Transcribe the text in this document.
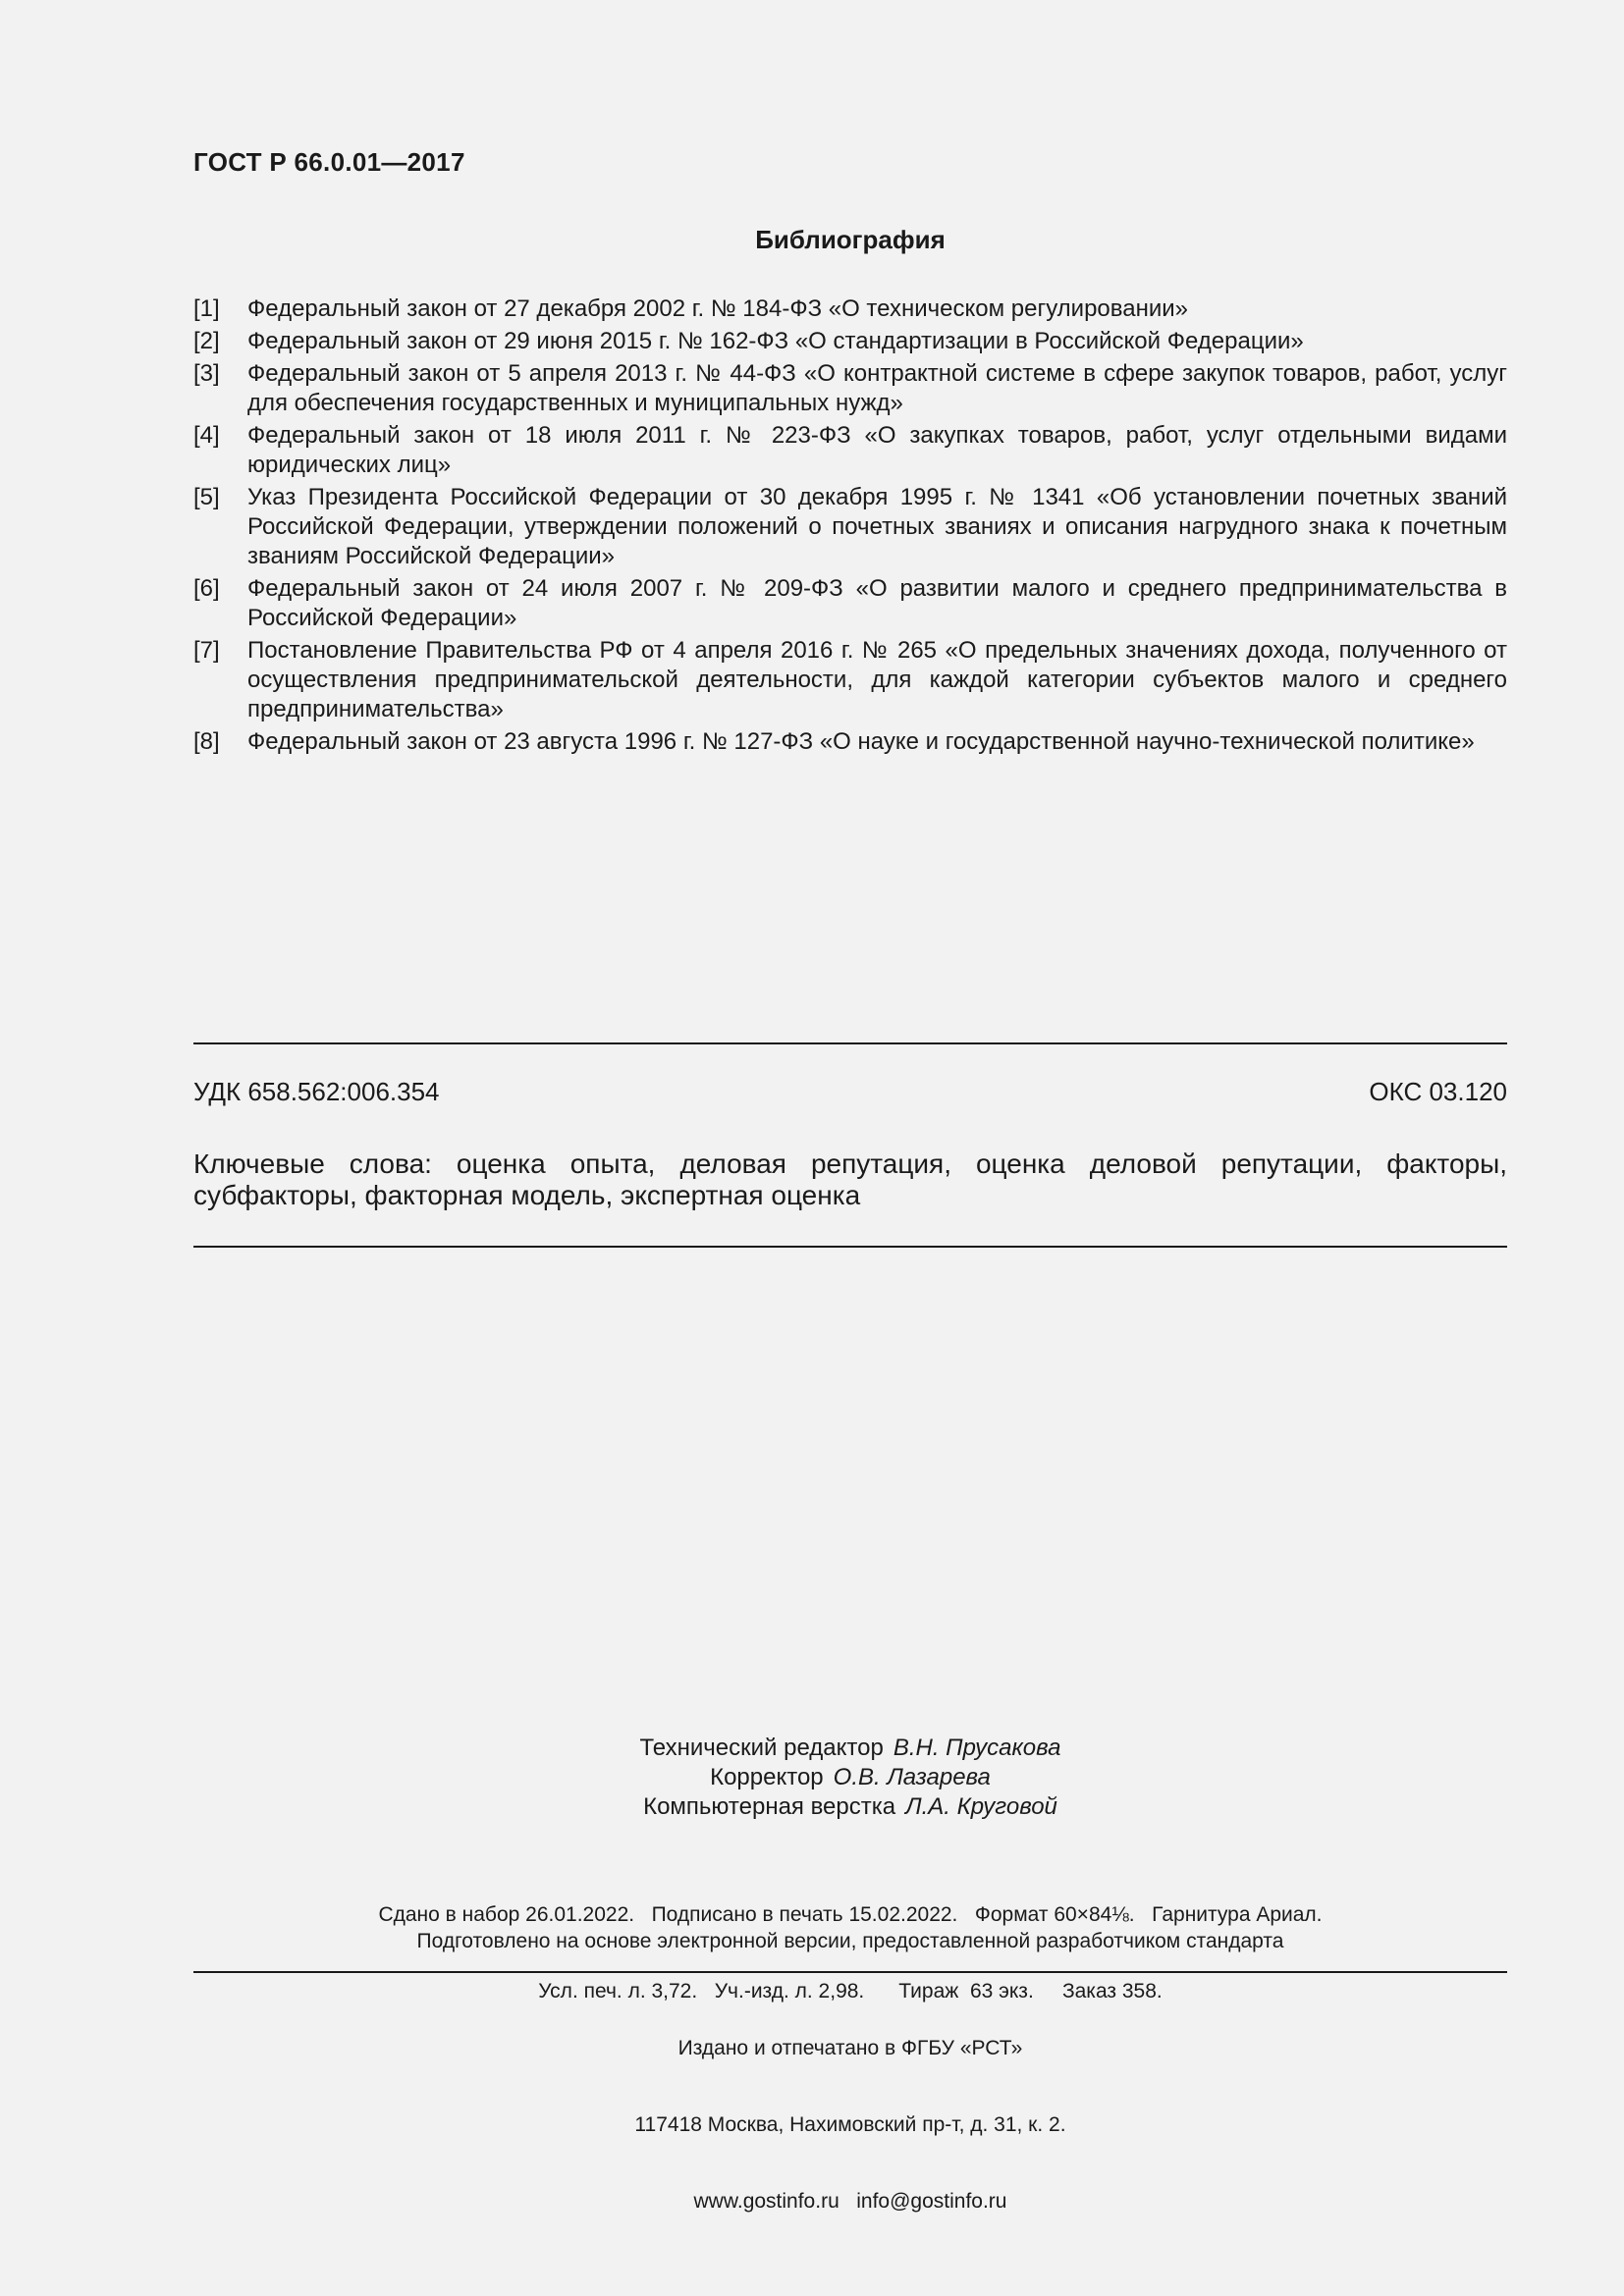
ГОСТ Р 66.0.01—2017
Библиография
[1]	Федеральный закон от 27 декабря 2002 г. № 184-ФЗ «О техническом регулировании»
[2]	Федеральный закон от 29 июня 2015 г. № 162-ФЗ «О стандартизации в Российской Федерации»
[3]	Федеральный закон от 5 апреля 2013 г. № 44-ФЗ «О контрактной системе в сфере закупок товаров, работ, услуг для обеспечения государственных и муниципальных нужд»
[4]	Федеральный закон от 18 июля 2011 г. № 223-ФЗ «О закупках товаров, работ, услуг отдельными видами юридических лиц»
[5]	Указ Президента Российской Федерации от 30 декабря 1995 г. № 1341 «Об установлении почетных званий Российской Федерации, утверждении положений о почетных званиях и описания нагрудного знака к почетным званиям Российской Федерации»
[6]	Федеральный закон от 24 июля 2007 г. № 209-ФЗ «О развитии малого и среднего предпринимательства в Российской Федерации»
[7]	Постановление Правительства РФ от 4 апреля 2016 г. № 265 «О предельных значениях дохода, полученного от осуществления предпринимательской деятельности, для каждой категории субъектов малого и среднего предпринимательства»
[8]	Федеральный закон от 23 августа 1996 г. № 127-ФЗ «О науке и государственной научно-технической политике»
УДК 658.562:006.354	ОКС 03.120
Ключевые слова: оценка опыта, деловая репутация, оценка деловой репутации, факторы, субфакторы, факторная модель, экспертная оценка
Технический редактор В.Н. Прусакова
Корректор О.В. Лазарева
Компьютерная верстка Л.А. Круговой

Сдано в набор 26.01.2022.   Подписано в печать 15.02.2022.   Формат 60×84⅛.   Гарнитура Ариал.

Усл. печ. л. 3,72.   Уч.-изд. л. 2,98.      Тираж  63 экз.     Заказ 358.

Подготовлено на основе электронной версии, предоставленной разработчиком стандарта

Издано и отпечатано в ФГБУ «РСТ»

117418 Москва, Нахимовский пр-т, д. 31, к. 2.

www.gostinfo.ru   info@gostinfo.ru
